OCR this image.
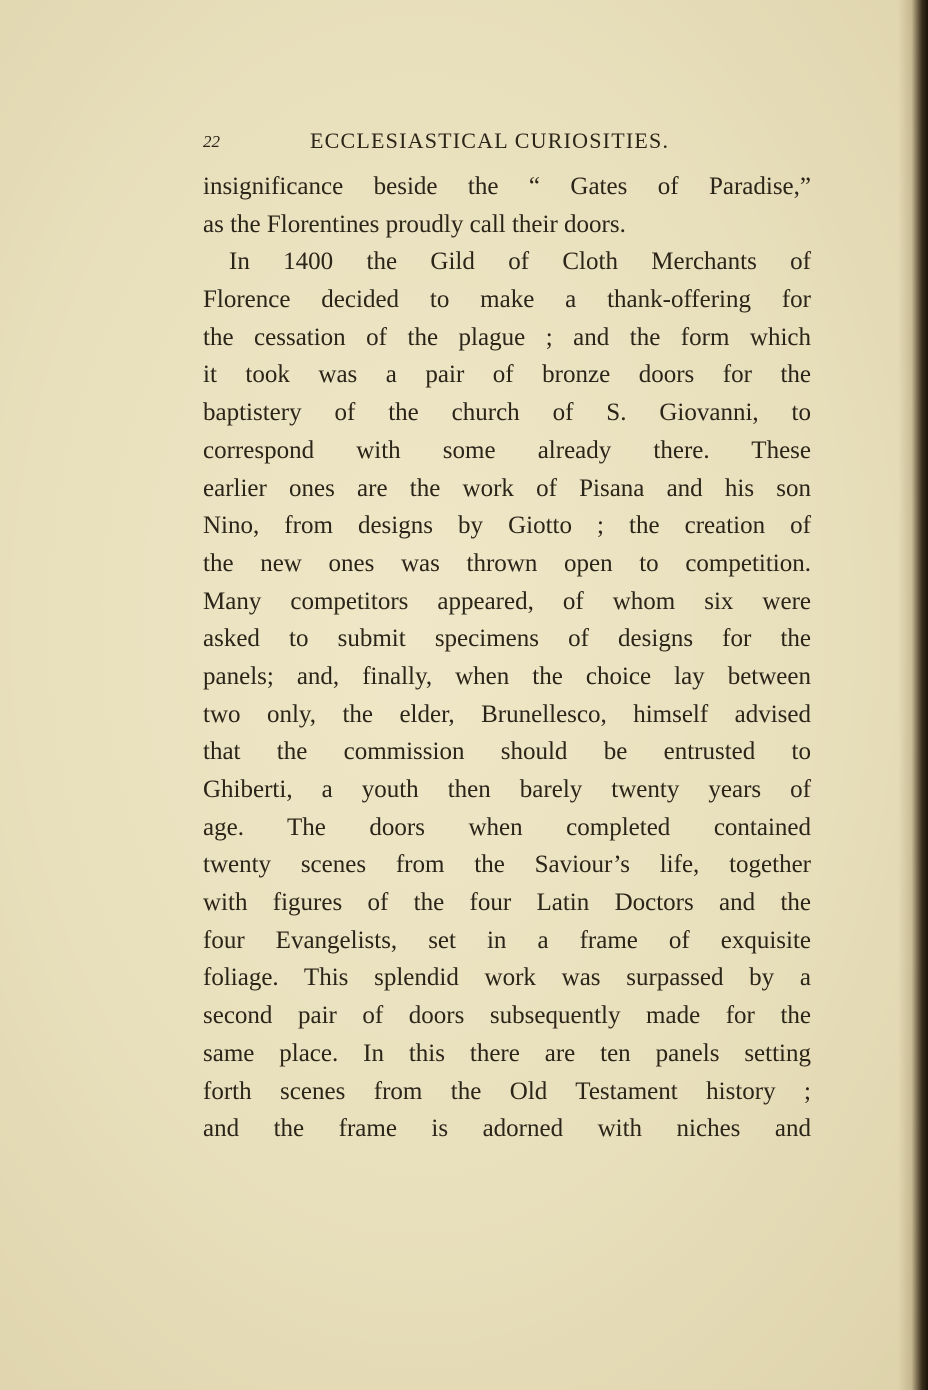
22	ECCLESIASTICAL CURIOSITIES.
insignificance beside the “ Gates of Paradise,”
as the Florentines proudly call their doors.
In 1400 the Gild of Cloth Merchants of
Florence decided to make a thank-offering for
the cessation of the plague ; and the form which
it took was a pair of bronze doors for the
baptistery of the church of S. Giovanni, to
correspond with some already there. These
earlier ones are the work of Pisana and his son
Nino, from designs by Giotto ; the creation of
the new ones was thrown open to competition.
Many competitors appeared, of whom six were
asked to submit specimens of designs for the
panels; and, finally, when the choice lay between
two only, the elder, Brunellesco, himself advised
that the commission should be entrusted to
Ghiberti, a youth then barely twenty years of
age. The doors when completed contained
twenty scenes from the Saviour’s life, together
with figures of the four Latin Doctors and the
four Evangelists, set in a frame of exquisite
foliage. This splendid work was surpassed by a
second pair of doors subsequently made for the
same place. In this there are ten panels setting
forth scenes from the Old Testament history ;
and the frame is adorned with niches and
